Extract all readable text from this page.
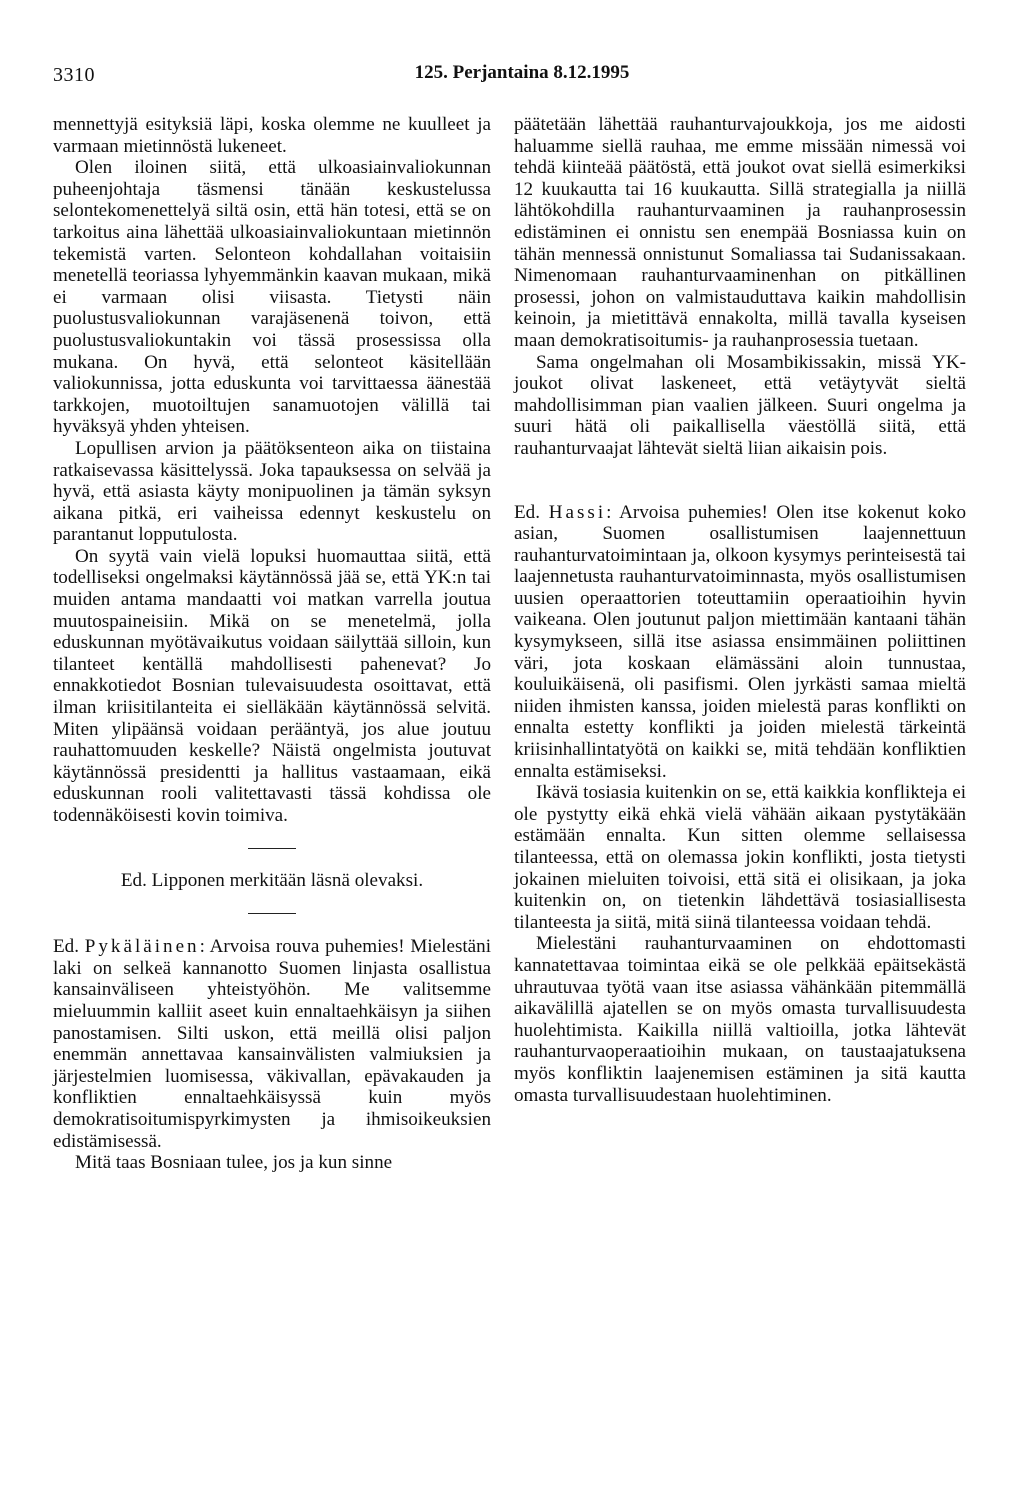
3310	125. Perjantaina 8.12.1995

mennettyjä esityksiä läpi, koska olemme ne kuulleet ja varmaan mietinnöstä lukeneet.

Olen iloinen siitä, että ulkoasiainvaliokunnan puheenjohtaja täsmensi tänään keskustelussa selontekomenettelyä siltä osin, että hän totesi, että se on tarkoitus aina lähettää ulkoasiainvaliokuntaan mietinnön tekemistä varten. Selonteon kohdallahan voitaisiin menetellä teoriassa lyhyemmänkin kaavan mukaan, mikä ei varmaan olisi viisasta. Tietysti näin puolustusvaliokunnan varajäsenenä toivon, että puolustusvaliokuntakin voi tässä prosessissa olla mukana. On hyvä, että selonteot käsitellään valiokunnissa, jotta eduskunta voi tarvittaessa äänestää tarkkojen, muotoiltujen sanamuotojen välillä tai hyväksyä yhden yhteisen.

Lopullisen arvion ja päätöksenteon aika on tiistaina ratkaisevassa käsittelyssä. Joka tapauksessa on selvää ja hyvä, että asiasta käyty monipuolinen ja tämän syksyn aikana pitkä, eri vaiheissa edennyt keskustelu on parantanut lopputulosta.

On syytä vain vielä lopuksi huomauttaa siitä, että todelliseksi ongelmaksi käytännössä jää se, että YK:n tai muiden antama mandaatti voi matkan varrella joutua muutospaineisiin. Mikä on se menetelmä, jolla eduskunnan myötävaikutus voidaan säilyttää silloin, kun tilanteet kentällä mahdollisesti pahenevat? Jo ennakkotiedot Bosnian tulevaisuudesta osoittavat, että ilman kriisitilanteita ei sielläkään käytännössä selvitä. Miten ylipäänsä voidaan perääntyä, jos alue joutuu rauhattomuuden keskelle? Näistä ongelmista joutuvat käytännössä presidentti ja hallitus vastaamaan, eikä eduskunnan rooli valitettavasti tässä kohdissa ole todennäköisesti kovin toimiva.

Ed. Lipponen merkitään läsnä olevaksi.

Ed. Pykäläinen: Arvoisa rouva puhemies! Mielestäni laki on selkeä kannanotto Suomen linjasta osallistua kansainväliseen yhteistyöhön. Me valitsemme mieluummin kalliit aseet kuin ennaltaehkäisyn ja siihen panostamisen. Silti uskon, että meillä olisi paljon enemmän annettavaa kansainvälisten valmiuksien ja järjestelmien luomisessa, väkivallan, epävakauden ja konfliktien ennaltaehkäisyssä kuin myös demokratisoitumispyrkimysten ja ihmisoikeuksien edistämisessä.

Mitä taas Bosniaan tulee, jos ja kun sinne

päätetään lähettää rauhanturvajoukkoja, jos me aidosti haluamme siellä rauhaa, me emme missään nimessä voi tehdä kiinteää päätöstä, että joukot ovat siellä esimerkiksi 12 kuukautta tai 16 kuukautta. Sillä strategialla ja niillä lähtökohdilla rauhanturvaaminen ja rauhanprosessin edistäminen ei onnistu sen enempää Bosniassa kuin on tähän mennessä onnistunut Somaliassa tai Sudanissakaan. Nimenomaan rauhanturvaaminenhan on pitkällinen prosessi, johon on valmistauduttava kaikin mahdollisin keinoin, ja mietittävä ennakolta, millä tavalla kyseisen maan demokratisoitumis- ja rauhanprosessia tuetaan.

Sama ongelmahan oli Mosambikissakin, missä YK-joukot olivat laskeneet, että vetäytyvät sieltä mahdollisimman pian vaalien jälkeen. Suuri ongelma ja suuri hätä oli paikallisella väestöllä siitä, että rauhanturvaajat lähtevät sieltä liian aikaisin pois.

Ed. Hassi: Arvoisa puhemies! Olen itse kokenut koko asian, Suomen osallistumisen laajennettuun rauhanturvatoimintaan ja, olkoon kysymys perinteisestä tai laajennetusta rauhanturvatoiminnasta, myös osallistumisen uusien operaattorien toteuttamiin operaatioihin hyvin vaikeana. Olen joutunut paljon miettimään kantaani tähän kysymykseen, sillä itse asiassa ensimmäinen poliittinen väri, jota koskaan elämässäni aloin tunnustaa, kouluikäisenä, oli pasifismi. Olen jyrkästi samaa mieltä niiden ihmisten kanssa, joiden mielestä paras konflikti on ennalta estetty konflikti ja joiden mielestä tärkeintä kriisinhallintatyötä on kaikki se, mitä tehdään konfliktien ennalta estämiseksi.

Ikävä tosiasia kuitenkin on se, että kaikkia konflikteja ei ole pystytty eikä ehkä vielä vähään aikaan pystytäkään estämään ennalta. Kun sitten olemme sellaisessa tilanteessa, että on olemassa jokin konflikti, josta tietysti jokainen mieluiten toivoisi, että sitä ei olisikaan, ja joka kuitenkin on, on tietenkin lähdettävä tosiasiallisesta tilanteesta ja siitä, mitä siinä tilanteessa voidaan tehdä.

Mielestäni rauhanturvaaminen on ehdottomasti kannatettavaa toimintaa eikä se ole pelkkää epäitsekästä uhrautuvaa työtä vaan itse asiassa vähänkään pitemmällä aikavälillä ajatellen se on myös omasta turvallisuudesta huolehtimista. Kaikilla niillä valtioilla, jotka lähtevät rauhanturvaoperaatioihin mukaan, on taustaajatuksena myös konfliktin laajenemisen estäminen ja sitä kautta omasta turvallisuudestaan huolehtiminen.
